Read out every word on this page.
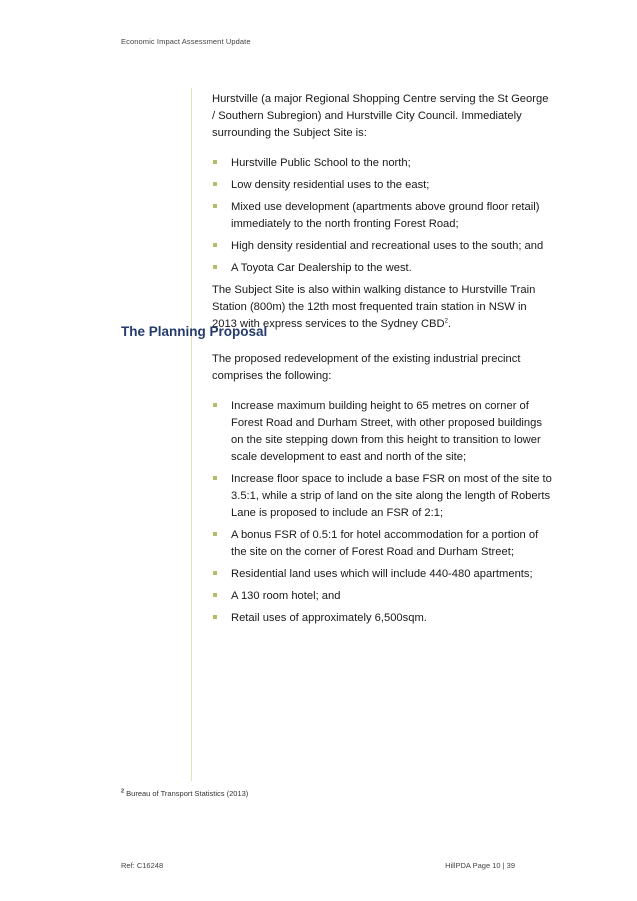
Economic Impact Assessment Update

Hurstville (a major Regional Shopping Centre serving the St George / Southern Subregion) and Hurstville City Council. Immediately surrounding the Subject Site is:

Hurstville Public School to the north;
Low density residential uses to the east;
Mixed use development (apartments above ground floor retail) immediately to the north fronting Forest Road;
High density residential and recreational uses to the south; and
A Toyota Car Dealership to the west.

The Subject Site is also within walking distance to Hurstville Train Station (800m) the 12th most frequented train station in NSW in 2013 with express services to the Sydney CBD$^2$.

The Planning Proposal

The proposed redevelopment of the existing industrial precinct comprises the following:

Increase maximum building height to 65 metres on corner of Forest Road and Durham Street, with other proposed buildings on the site stepping down from this height to transition to lower scale development to east and north of the site;
Increase floor space to include a base FSR on most of the site to 3.5:1, while a strip of land on the site along the length of Roberts Lane is proposed to include an FSR of 2:1;
A bonus FSR of 0.5:1 for hotel accommodation for a portion of the site on the corner of Forest Road and Durham Street;
Residential land uses which will include 440-480 apartments;
A 130 room hotel; and
Retail uses of approximately 6,500sqm.
$^2$ Bureau of Transport Statistics (2013)
Ref: C16248	HillPDA Page 10 | 39
